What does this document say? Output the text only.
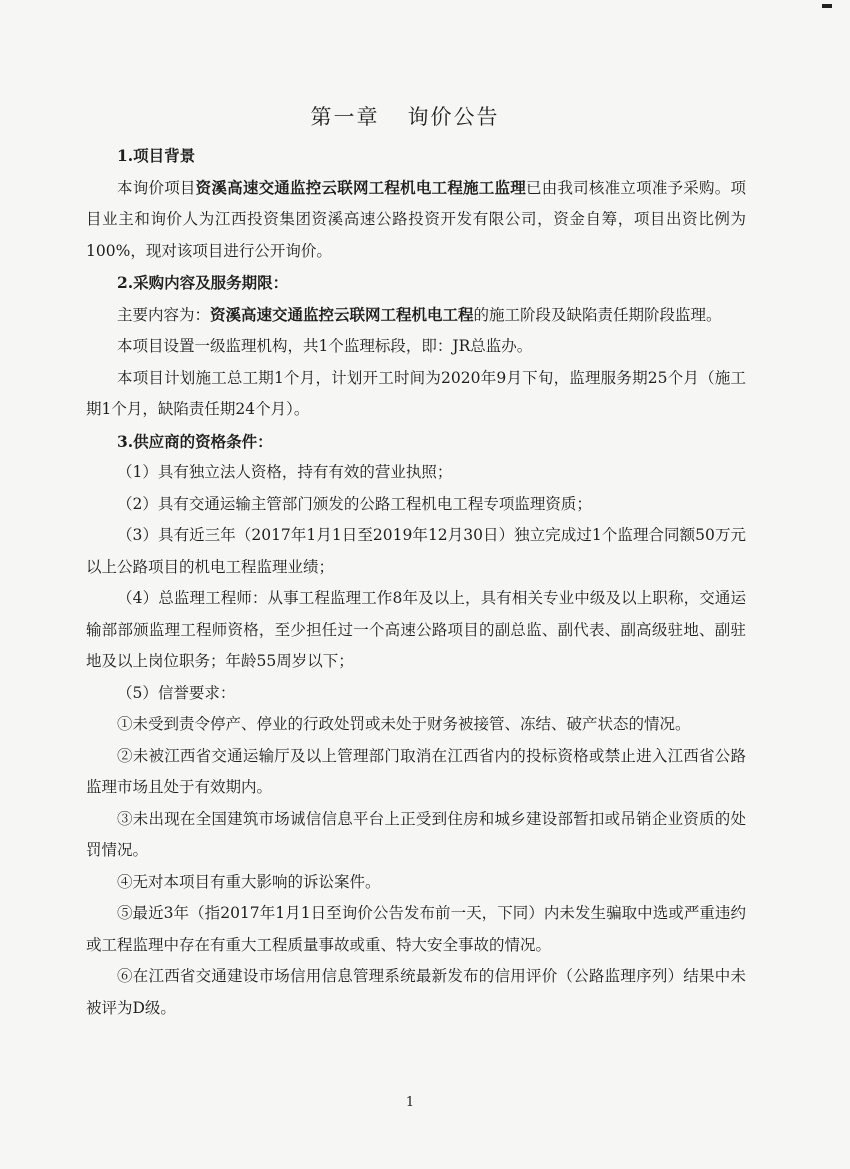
第一章 询价公告

1.项目背景

本询价项目资溪高速交通监控云联网工程机电工程施工监理已由我司核准立项准予采购。项目业主和询价人为江西投资集团资溪高速公路投资开发有限公司，资金自筹，项目出资比例为100%，现对该项目进行公开询价。

2.采购内容及服务期限：

主要内容为：资溪高速交通监控云联网工程机电工程的施工阶段及缺陷责任期阶段监理。

本项目设置一级监理机构，共1个监理标段，即：JR总监办。

本项目计划施工总工期1个月，计划开工时间为2020年9月下旬，监理服务期25个月（施工期1个月，缺陷责任期24个月）。

3.供应商的资格条件：

（1）具有独立法人资格，持有有效的营业执照；

（2）具有交通运输主管部门颁发的公路工程机电工程专项监理资质；

（3）具有近三年（2017年1月1日至2019年12月30日）独立完成过1个监理合同额50万元以上公路项目的机电工程监理业绩；

（4）总监理工程师：从事工程监理工作8年及以上，具有相关专业中级及以上职称，交通运输部部颁监理工程师资格，至少担任过一个高速公路项目的副总监、副代表、副高级驻地、副驻地及以上岗位职务；年龄55周岁以下；

（5）信誉要求：

①未受到责令停产、停业的行政处罚或未处于财务被接管、冻结、破产状态的情况。

②未被江西省交通运输厅及以上管理部门取消在江西省内的投标资格或禁止进入江西省公路监理市场且处于有效期内。

③未出现在全国建筑市场诚信信息平台上正受到住房和城乡建设部暂扣或吊销企业资质的处罚情况。

④无对本项目有重大影响的诉讼案件。

⑤最近3年（指2017年1月1日至询价公告发布前一天，下同）内未发生骗取中选或严重违约或工程监理中存在有重大工程质量事故或重、特大安全事故的情况。

⑥在江西省交通建设市场信用信息管理系统最新发布的信用评价（公路监理序列）结果中未被评为D级。

1
